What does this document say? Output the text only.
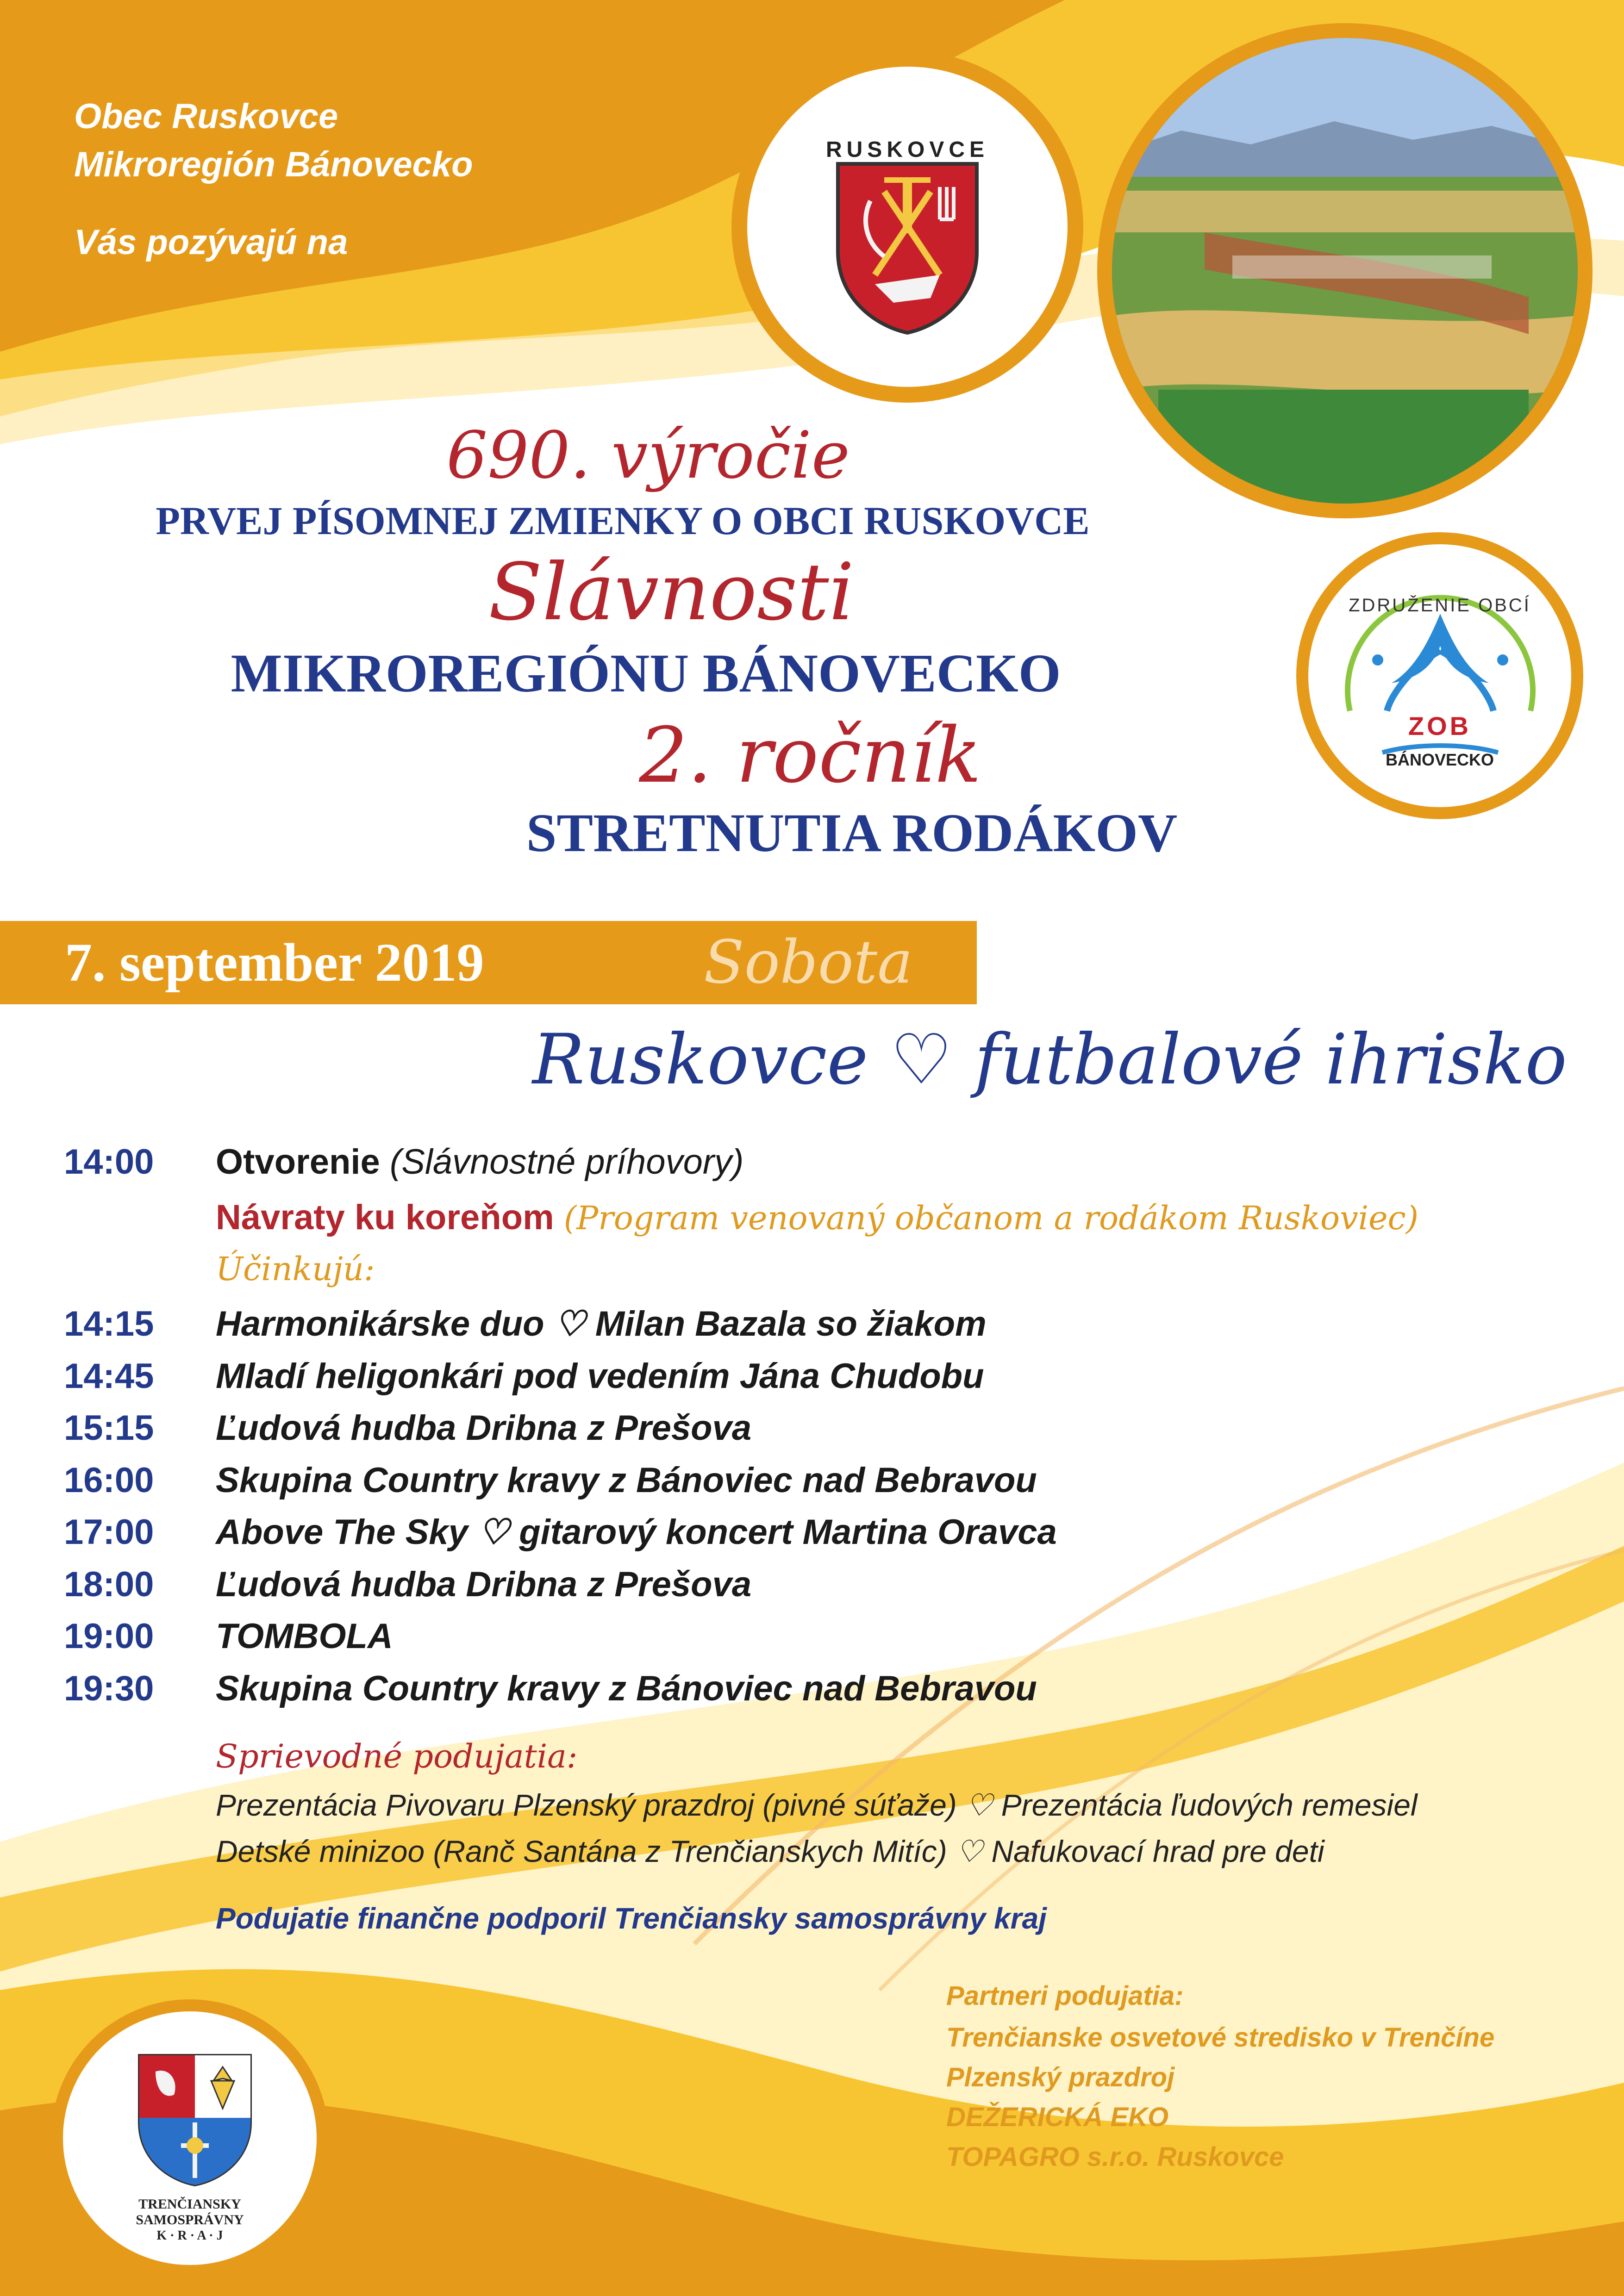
Obec Ruskovce
Mikroregión Bánovecko
Vás pozývajú na
RUSKOVCE
ZDRUŽENIE OBCÍ
ZOB
BÁNOVECKO
690. výročie
PRVEJ PÍSOMNEJ ZMIENKY O OBCI RUSKOVCE
Slávnosti
MIKROREGIÓNU BÁNOVECKO
2. ročník
STRETNUTIA RODÁKOV
7. september 2019	Sobota
Ruskovce ♡ futbalové ihrisko
14:00	Otvorenie (Slávnostné príhovory)
Návraty ku koreňom (Program venovaný občanom a rodákom Ruskoviec)
Účinkujú:
14:15	Harmonikárske duo ♡ Milan Bazala so žiakom
14:45	Mladí heligonkári pod vedením Jána Chudobu
15:15	Ľudová hudba Dribna z Prešova
16:00	Skupina Country kravy z Bánoviec nad Bebravou
17:00	Above The Sky ♡ gitarový koncert Martina Oravca
18:00	Ľudová hudba Dribna z Prešova
19:00	TOMBOLA
19:30	Skupina Country kravy z Bánoviec nad Bebravou
Sprievodné podujatia:
Prezentácia Pivovaru Plzenský prazdroj (pivné súťaže) ♡ Prezentácia ľudových remesiel
Detské minizoo (Ranč Santána z Trenčianskych Mitíc) ♡ Nafukovací hrad pre deti
Podujatie finančne podporil Trenčiansky samosprávny kraj
Partneri podujatia:
Trenčianske osvetové stredisko v Trenčíne
Plzenský prazdroj
DEŽERICKÁ EKO
TOPAGRO s.r.o. Ruskovce
TRENČIANSKY
SAMOSPRÁVNY
K · R · A · J
